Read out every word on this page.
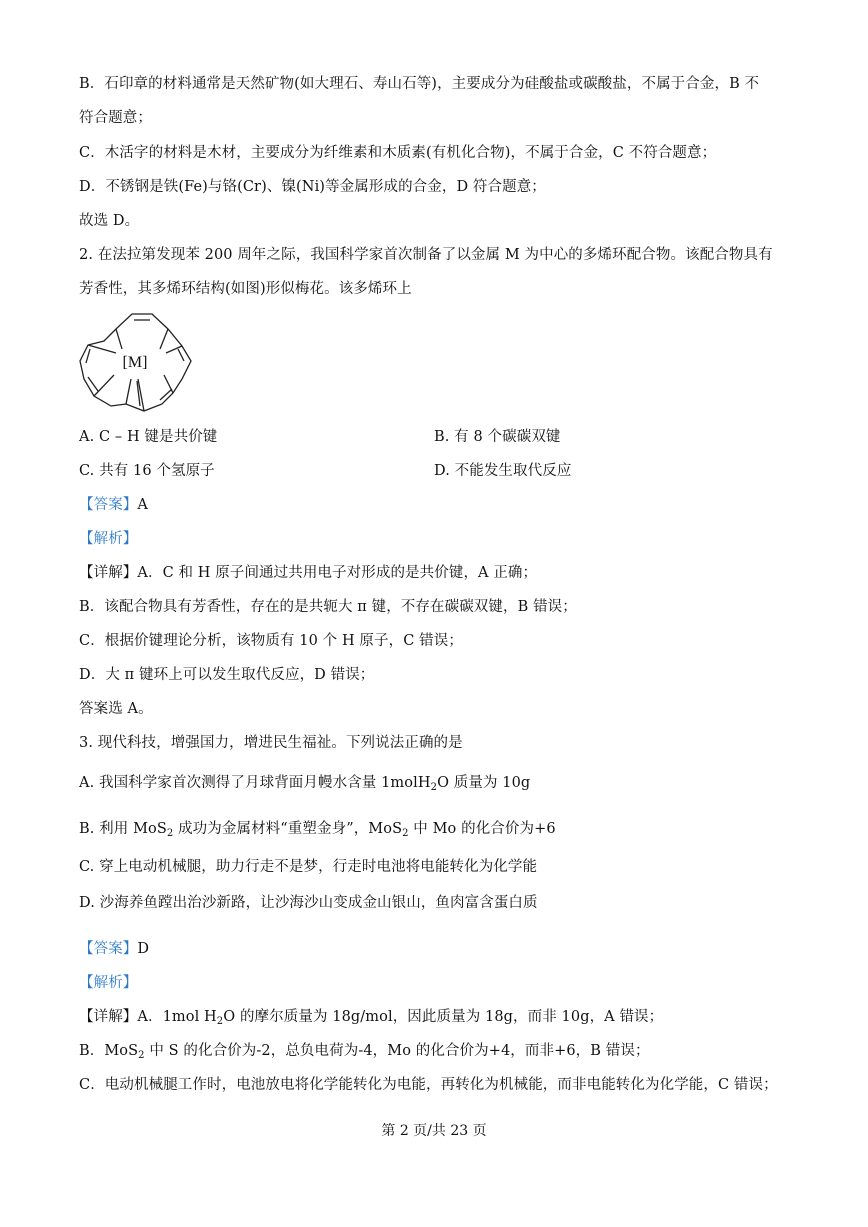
B．石印章的材料通常是天然矿物(如大理石、寿山石等)，主要成分为硅酸盐或碳酸盐，不属于合金，B 不
符合题意；
C．木活字的材料是木材，主要成分为纤维素和木质素(有机化合物)，不属于合金，C 不符合题意；
D．不锈钢是铁(Fe)与铬(Cr)、镍(Ni)等金属形成的合金，D 符合题意；
故选 D。
2. 在法拉第发现苯 200 周年之际，我国科学家首次制备了以金属 M 为中心的多烯环配合物。该配合物具有
芳香性，其多烯环结构(如图)形似梅花。该多烯环上
[M]
A. C – H 键是共价键	B. 有 8 个碳碳双键
C. 共有 16 个氢原子	D. 不能发生取代反应
【答案】A
【解析】
【详解】A．C 和 H 原子间通过共用电子对形成的是共价键，A 正确；
B．该配合物具有芳香性，存在的是共轭大 π 键，不存在碳碳双键，B 错误；
C．根据价键理论分析，该物质有 10 个 H 原子，C 错误；
D．大 π 键环上可以发生取代反应，D 错误；
答案选 A。
3. 现代科技，增强国力，增进民生福祉。下列说法正确的是
A. 我国科学家首次测得了月球背面月幔水含量 1molH$_2$O 质量为 10g
B. 利用 MoS$_2$ 成功为金属材料“重塑金身”，MoS$_2$ 中 Mo 的化合价为+6
C. 穿上电动机械腿，助力行走不是梦，行走时电池将电能转化为化学能
D. 沙海养鱼蹚出治沙新路，让沙海沙山变成金山银山，鱼肉富含蛋白质
【答案】D
【解析】
【详解】A．1mol $H_2O$ 的摩尔质量为 18g/mol，因此质量为 18g，而非 10g，A 错误；
B．MoS$_2$ 中 S 的化合价为-2，总负电荷为-4，Mo 的化合价为+4，而非+6，B 错误；
C．电动机械腿工作时，电池放电将化学能转化为电能，再转化为机械能，而非电能转化为化学能，C 错误；
第 2 页/共 23 页
